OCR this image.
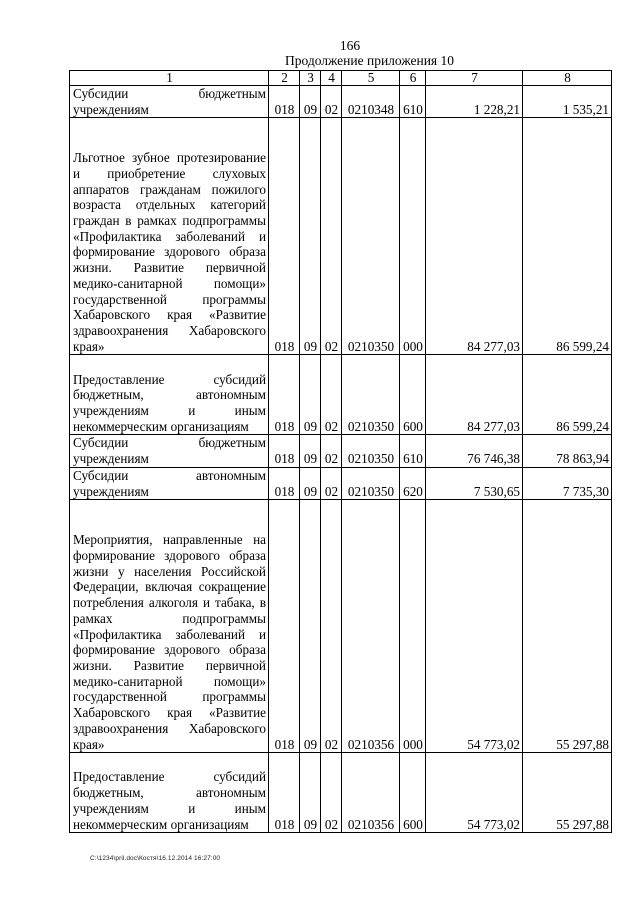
166
Продолжение приложения 10
1	2	3	4	5	6	7	8
Субсидии бюджетным учреждениям	018	09	02	0210348	610	1 228,21	1 535,21
Льготное зубное протезирование и приобретение слуховых аппаратов гражданам пожилого возраста отдельных категорий граждан в рамках подпрограммы «Профилактика заболеваний и формирование здорового образа жизни. Развитие первичной медико-санитарной помощи» государственной программы Хабаровского края «Развитие здравоохранения Хабаровского края»	018	09	02	0210350	000	84 277,03	86 599,24
Предоставление субсидий бюджетным, автономным учреждениям и иным некоммерческим организациям	018	09	02	0210350	600	84 277,03	86 599,24
Субсидии бюджетным учреждениям	018	09	02	0210350	610	76 746,38	78 863,94
Субсидии автономным учреждениям	018	09	02	0210350	620	7 530,65	7 735,30
Мероприятия, направленные на формирование здорового образа жизни у населения Российской Федерации, включая сокращение потребления алкоголя и табака, в рамках подпрограммы «Профилактика заболеваний и формирование здорового образа жизни. Развитие первичной медико-санитарной помощи» государственной программы Хабаровского края «Развитие здравоохранения Хабаровского края»	018	09	02	0210356	000	54 773,02	55 297,88
Предоставление субсидий бюджетным, автономным учреждениям и иным некоммерческим организациям	018	09	02	0210356	600	54 773,02	55 297,88
C:\1234\pril.doc\Костя\16.12.2014 16:27:00
